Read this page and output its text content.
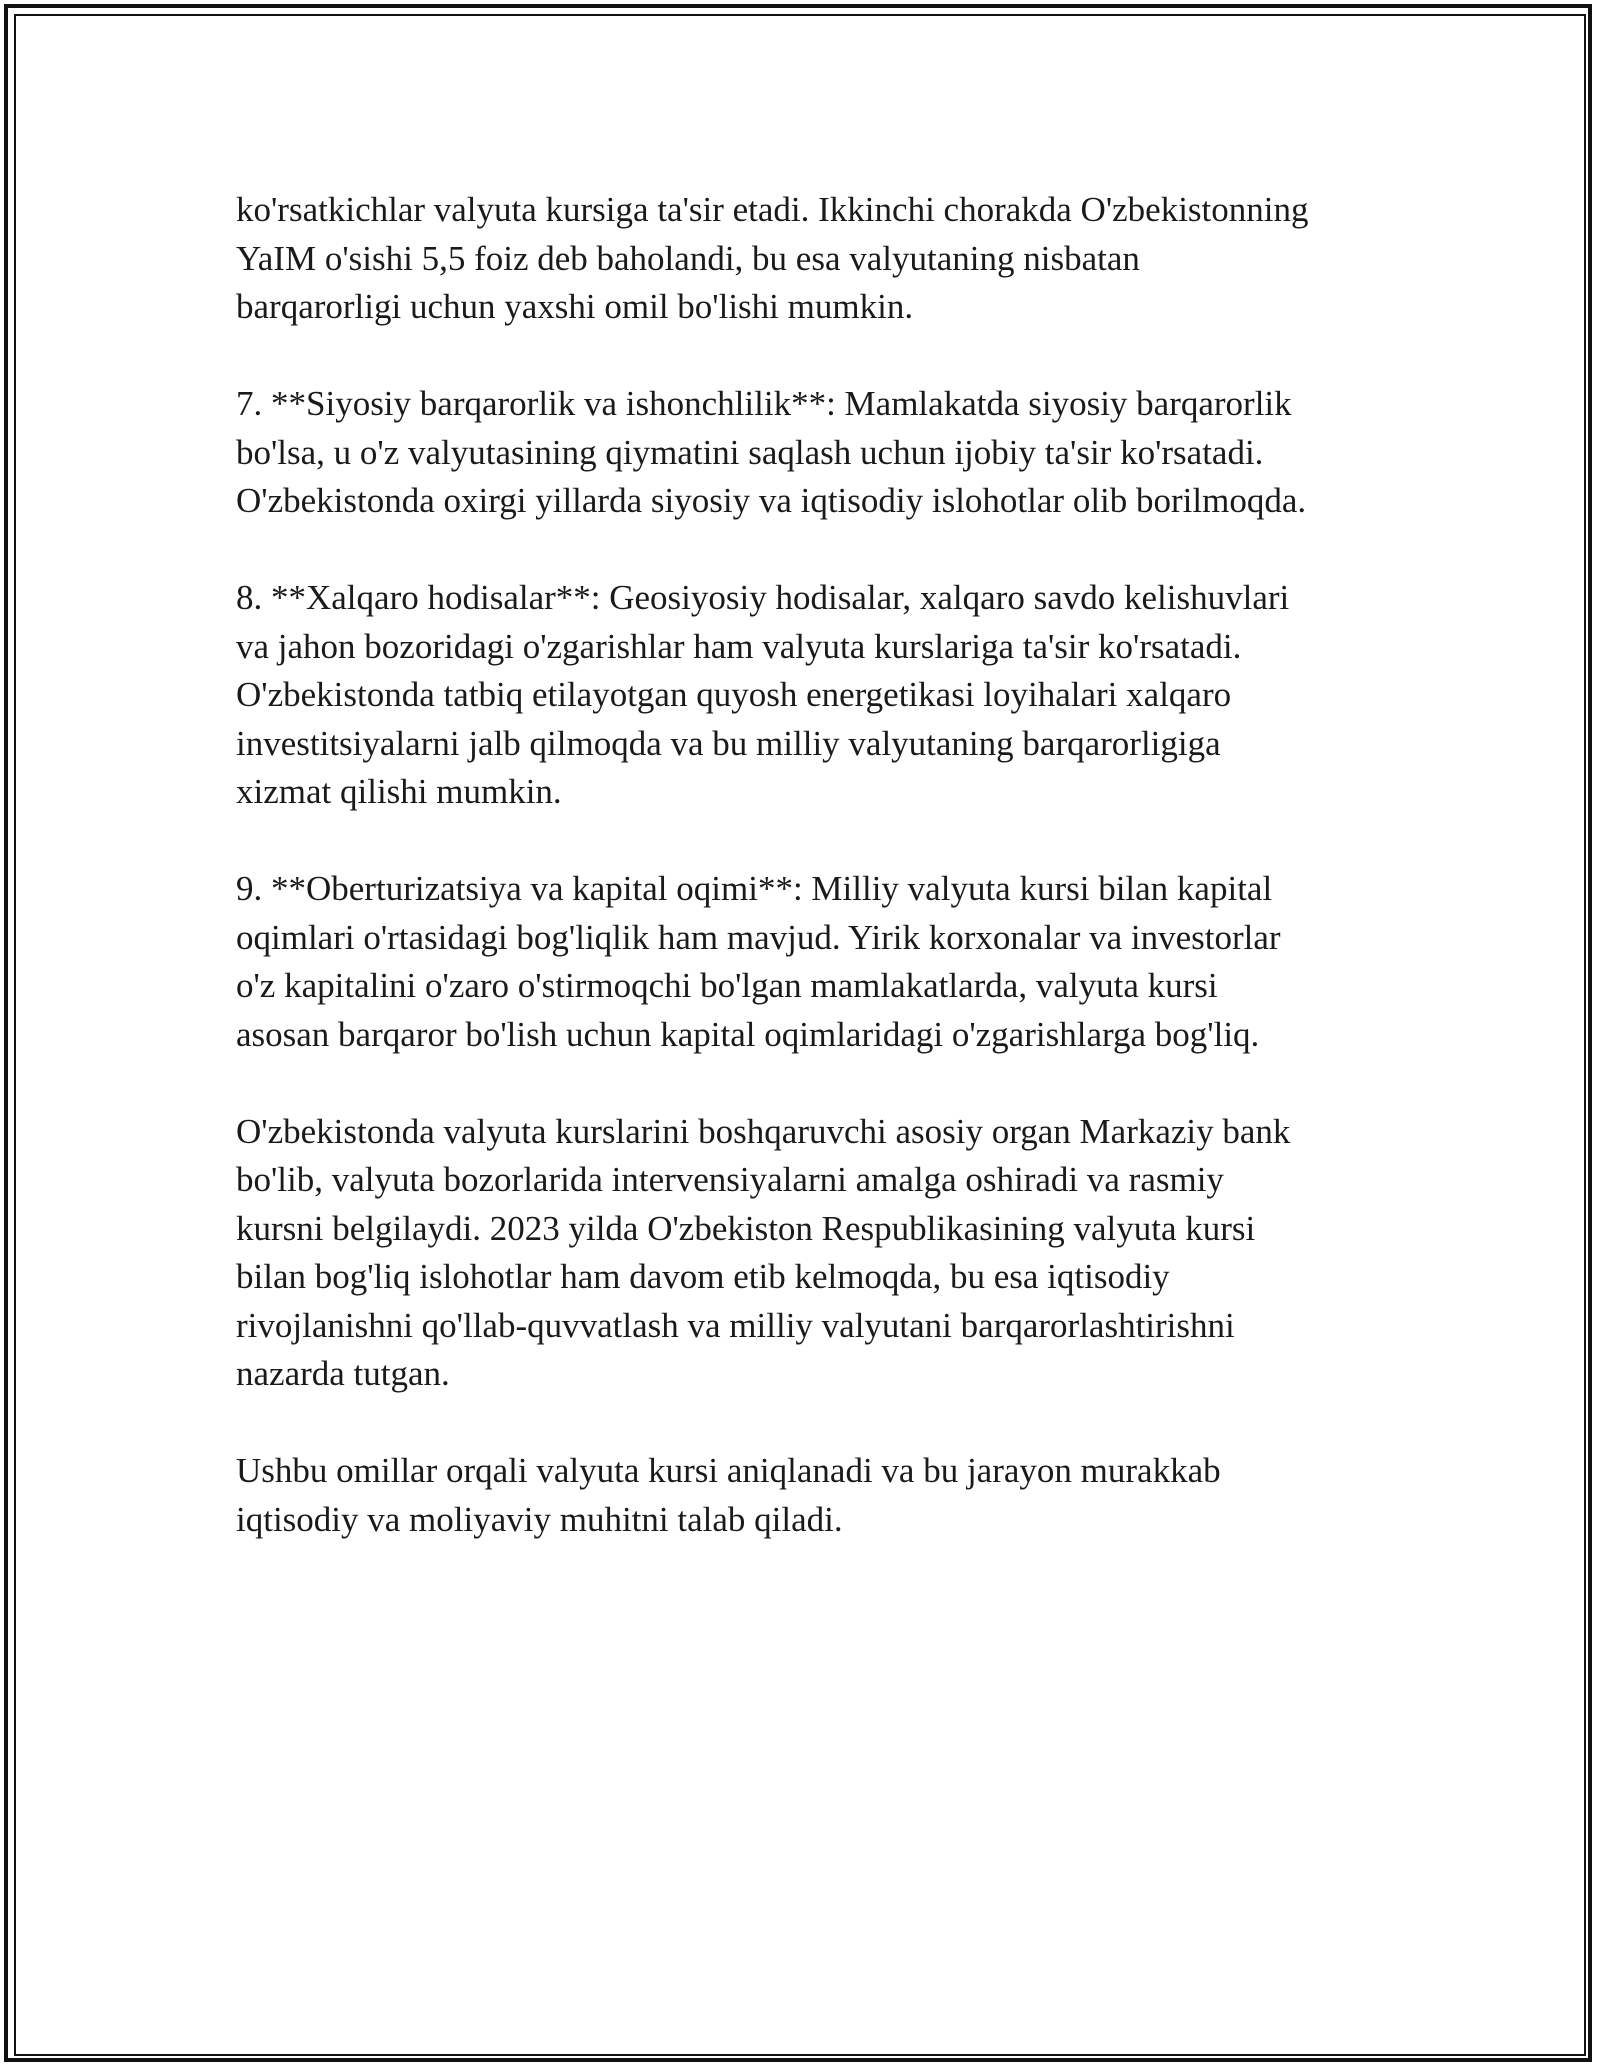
ko'rsatkichlar valyuta kursiga ta'sir etadi. Ikkinchi chorakda O'zbekistonning
YaIM o'sishi 5,5 foiz deb baholandi, bu esa valyutaning nisbatan
barqarorligi uchun yaxshi omil bo'lishi mumkin.

7. **Siyosiy barqarorlik va ishonchlilik**: Mamlakatda siyosiy barqarorlik
bo'lsa, u o'z valyutasining qiymatini saqlash uchun ijobiy ta'sir ko'rsatadi.
O'zbekistonda oxirgi yillarda siyosiy va iqtisodiy islohotlar olib borilmoqda.

8. **Xalqaro hodisalar**: Geosiyosiy hodisalar, xalqaro savdo kelishuvlari
va jahon bozoridagi o'zgarishlar ham valyuta kurslariga ta'sir ko'rsatadi.
O'zbekistonda tatbiq etilayotgan quyosh energetikasi loyihalari xalqaro
investitsiyalarni jalb qilmoqda va bu milliy valyutaning barqarorligiga
xizmat qilishi mumkin.

9. **Oberturizatsiya va kapital oqimi**: Milliy valyuta kursi bilan kapital
oqimlari o'rtasidagi bog'liqlik ham mavjud. Yirik korxonalar va investorlar
o'z kapitalini o'zaro o'stirmoqchi bo'lgan mamlakatlarda, valyuta kursi
asosan barqaror bo'lish uchun kapital oqimlaridagi o'zgarishlarga bog'liq.

O'zbekistonda valyuta kurslarini boshqaruvchi asosiy organ Markaziy bank
bo'lib, valyuta bozorlarida intervensiyalarni amalga oshiradi va rasmiy
kursni belgilaydi. 2023 yilda O'zbekiston Respublikasining valyuta kursi
bilan bog'liq islohotlar ham davom etib kelmoqda, bu esa iqtisodiy
rivojlanishni qo'llab-quvvatlash va milliy valyutani barqarorlashtirishni
nazarda tutgan.

Ushbu omillar orqali valyuta kursi aniqlanadi va bu jarayon murakkab
iqtisodiy va moliyaviy muhitni talab qiladi.
